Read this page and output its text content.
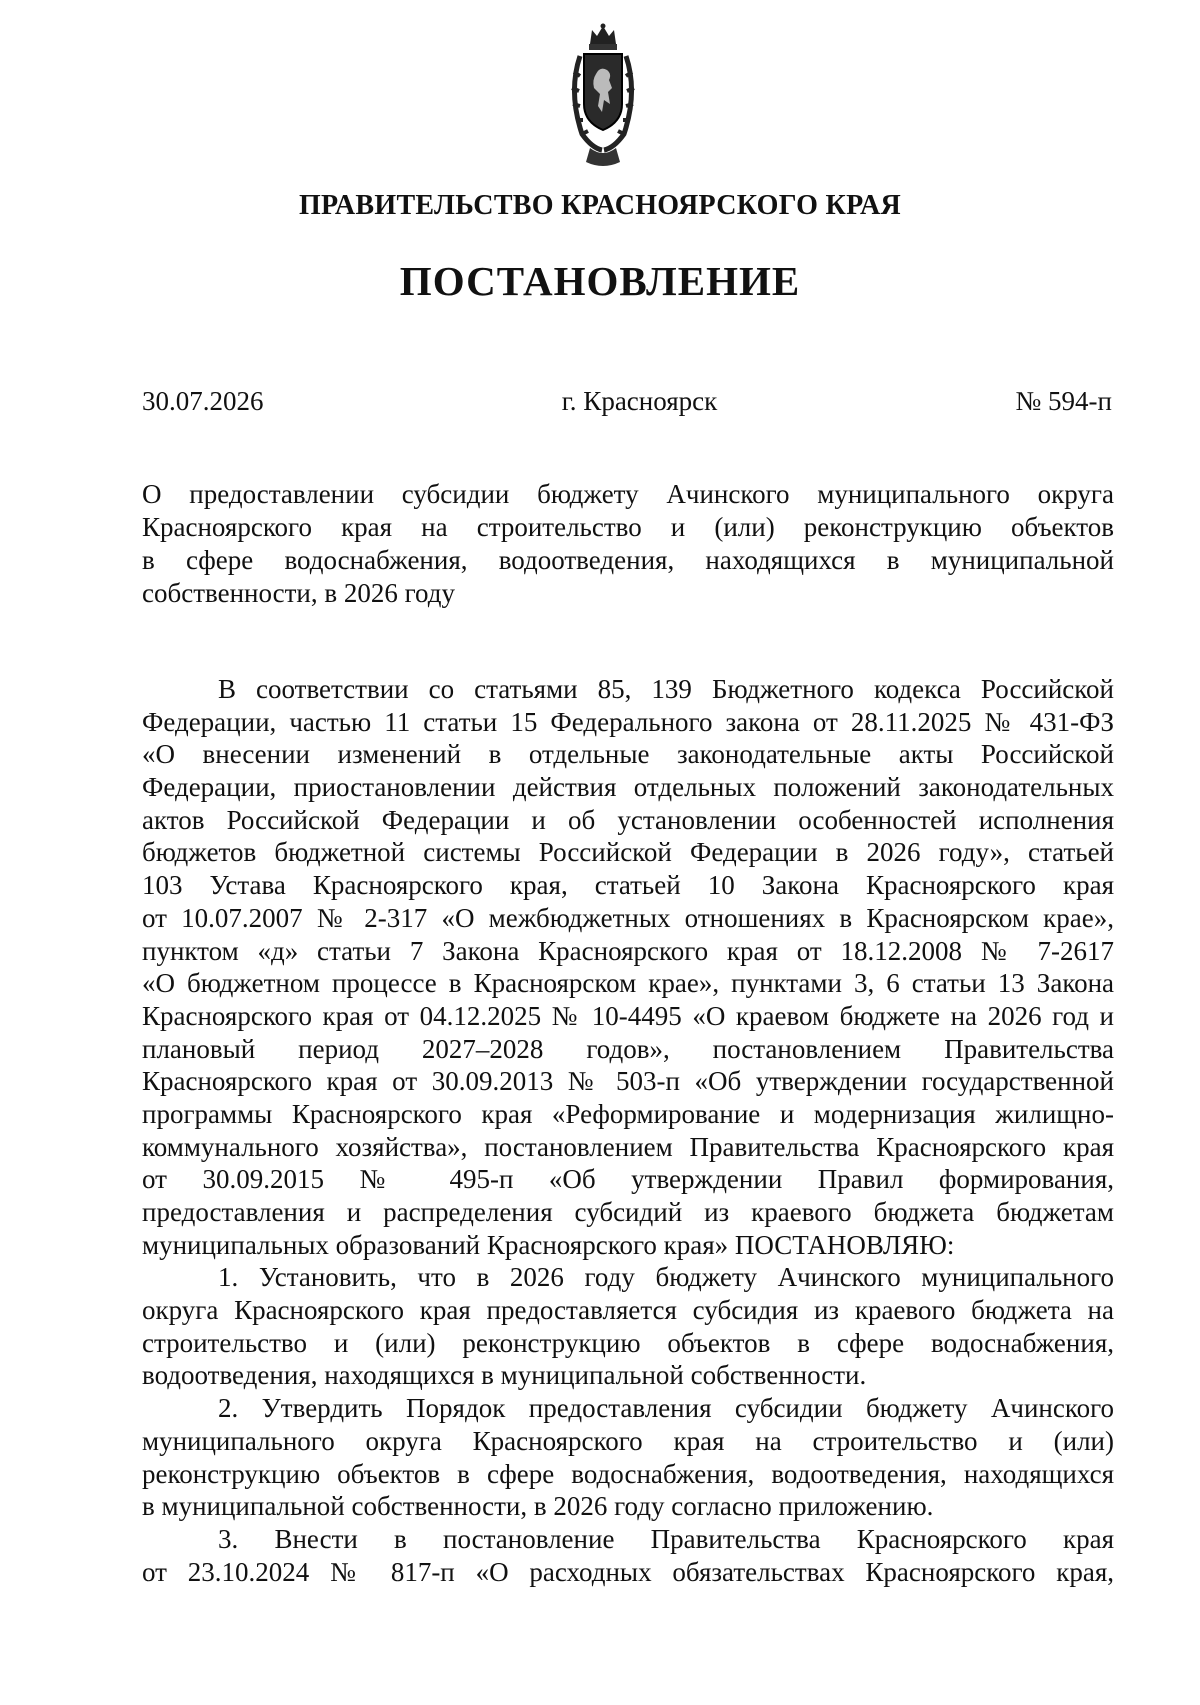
ПРАВИТЕЛЬСТВО КРАСНОЯРСКОГО КРАЯ
ПОСТАНОВЛЕНИЕ
30.07.2026	г. Красноярск	№ 594-п
О предоставлении субсидии бюджету Ачинского муниципального округа
Красноярского края на строительство и (или) реконструкцию объектов
в сфере водоснабжения, водоотведения, находящихся в муниципальной
собственности, в 2026 году
В соответствии со статьями 85, 139 Бюджетного кодекса Российской
Федерации, частью 11 статьи 15 Федерального закона от 28.11.2025 № 431-ФЗ
«О внесении изменений в отдельные законодательные акты Российской
Федерации, приостановлении действия отдельных положений законодательных
актов Российской Федерации и об установлении особенностей исполнения
бюджетов бюджетной системы Российской Федерации в 2026 году», статьей
103 Устава Красноярского края, статьей 10 Закона Красноярского края
от 10.07.2007 № 2-317 «О межбюджетных отношениях в Красноярском крае»,
пунктом «д» статьи 7 Закона Красноярского края от 18.12.2008 № 7-2617
«О бюджетном процессе в Красноярском крае», пунктами 3, 6 статьи 13 Закона
Красноярского края от 04.12.2025 № 10-4495 «О краевом бюджете на 2026 год и
плановый период 2027–2028 годов», постановлением Правительства
Красноярского края от 30.09.2013 № 503-п «Об утверждении государственной
программы Красноярского края «Реформирование и модернизация жилищно-
коммунального хозяйства», постановлением Правительства Красноярского края
от 30.09.2015 № 495-п «Об утверждении Правил формирования,
предоставления и распределения субсидий из краевого бюджета бюджетам
муниципальных образований Красноярского края» ПОСТАНОВЛЯЮ:
1. Установить, что в 2026 году бюджету Ачинского муниципального
округа Красноярского края предоставляется субсидия из краевого бюджета на
строительство и (или) реконструкцию объектов в сфере водоснабжения,
водоотведения, находящихся в муниципальной собственности.
2. Утвердить Порядок предоставления субсидии бюджету Ачинского
муниципального округа Красноярского края на строительство и (или)
реконструкцию объектов в сфере водоснабжения, водоотведения, находящихся
в муниципальной собственности, в 2026 году согласно приложению.
3. Внести в постановление Правительства Красноярского края
от 23.10.2024 № 817-п «О расходных обязательствах Красноярского края,
